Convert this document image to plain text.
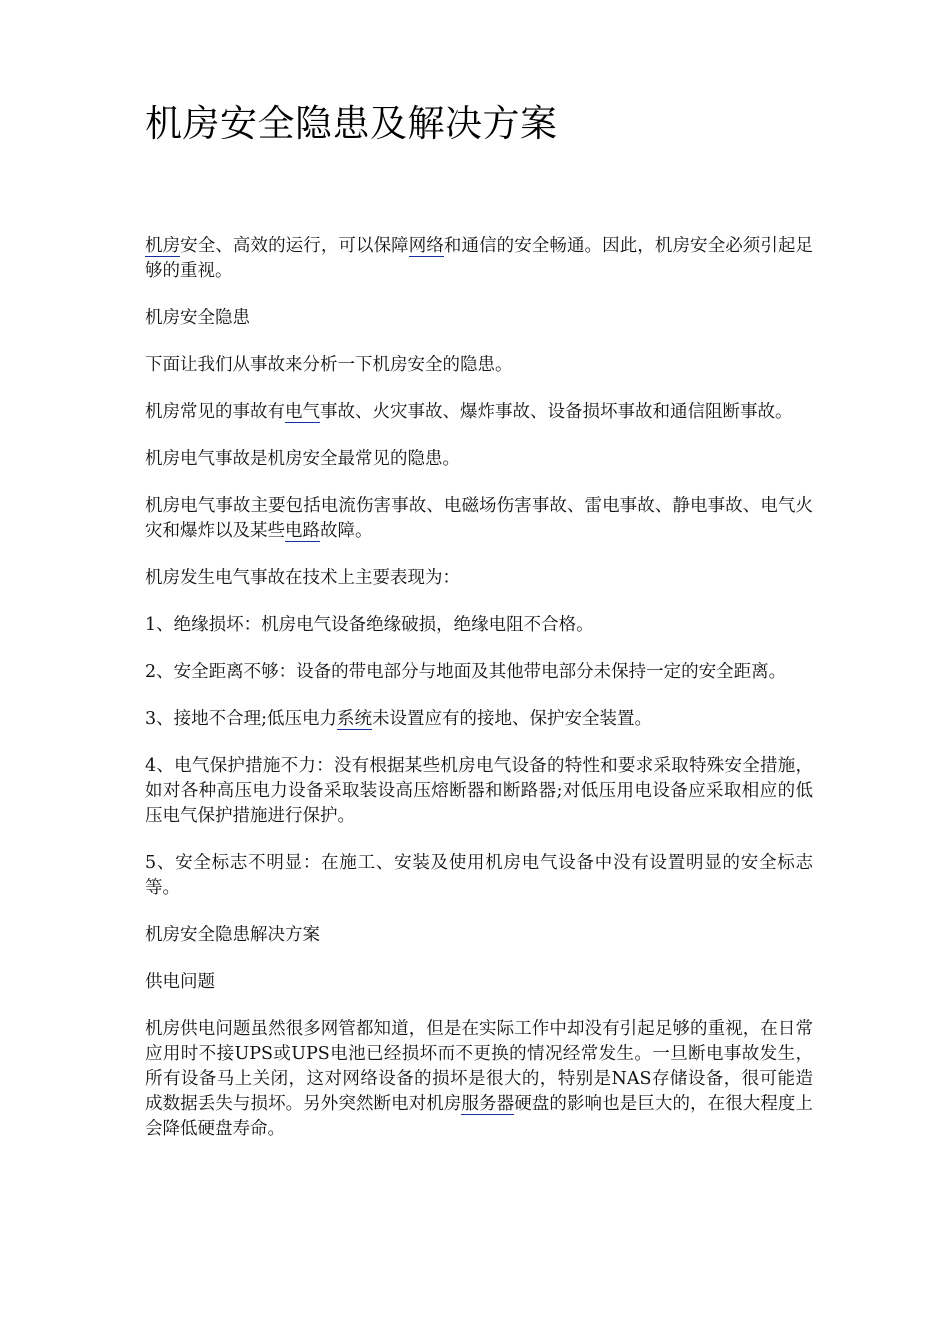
机房安全隐患及解决方案

机房安全、高效的运行，可以保障网络和通信的安全畅通。因此，机房安全必须引起足够的重视。

机房安全隐患

下面让我们从事故来分析一下机房安全的隐患。

机房常见的事故有电气事故、火灾事故、爆炸事故、设备损坏事故和通信阻断事故。

机房电气事故是机房安全最常见的隐患。

机房电气事故主要包括电流伤害事故、电磁场伤害事故、雷电事故、静电事故、电气火灾和爆炸以及某些电路故障。

机房发生电气事故在技术上主要表现为：

1、绝缘损坏：机房电气设备绝缘破损，绝缘电阻不合格。

2、安全距离不够：设备的带电部分与地面及其他带电部分未保持一定的安全距离。

3、接地不合理;低压电力系统未设置应有的接地、保护安全装置。

4、电气保护措施不力：没有根据某些机房电气设备的特性和要求采取特殊安全措施，如对各种高压电力设备采取装设高压熔断器和断路器;对低压用电设备应采取相应的低压电气保护措施进行保护。

5、安全标志不明显：在施工、安装及使用机房电气设备中没有设置明显的安全标志等。

机房安全隐患解决方案

供电问题

机房供电问题虽然很多网管都知道，但是在实际工作中却没有引起足够的重视，在日常应用时不接UPS或UPS电池已经损坏而不更换的情况经常发生。一旦断电事故发生，所有设备马上关闭，这对网络设备的损坏是很大的，特别是NAS存储设备，很可能造成数据丢失与损坏。另外突然断电对机房服务器硬盘的影响也是巨大的，在很大程度上会降低硬盘寿命。
